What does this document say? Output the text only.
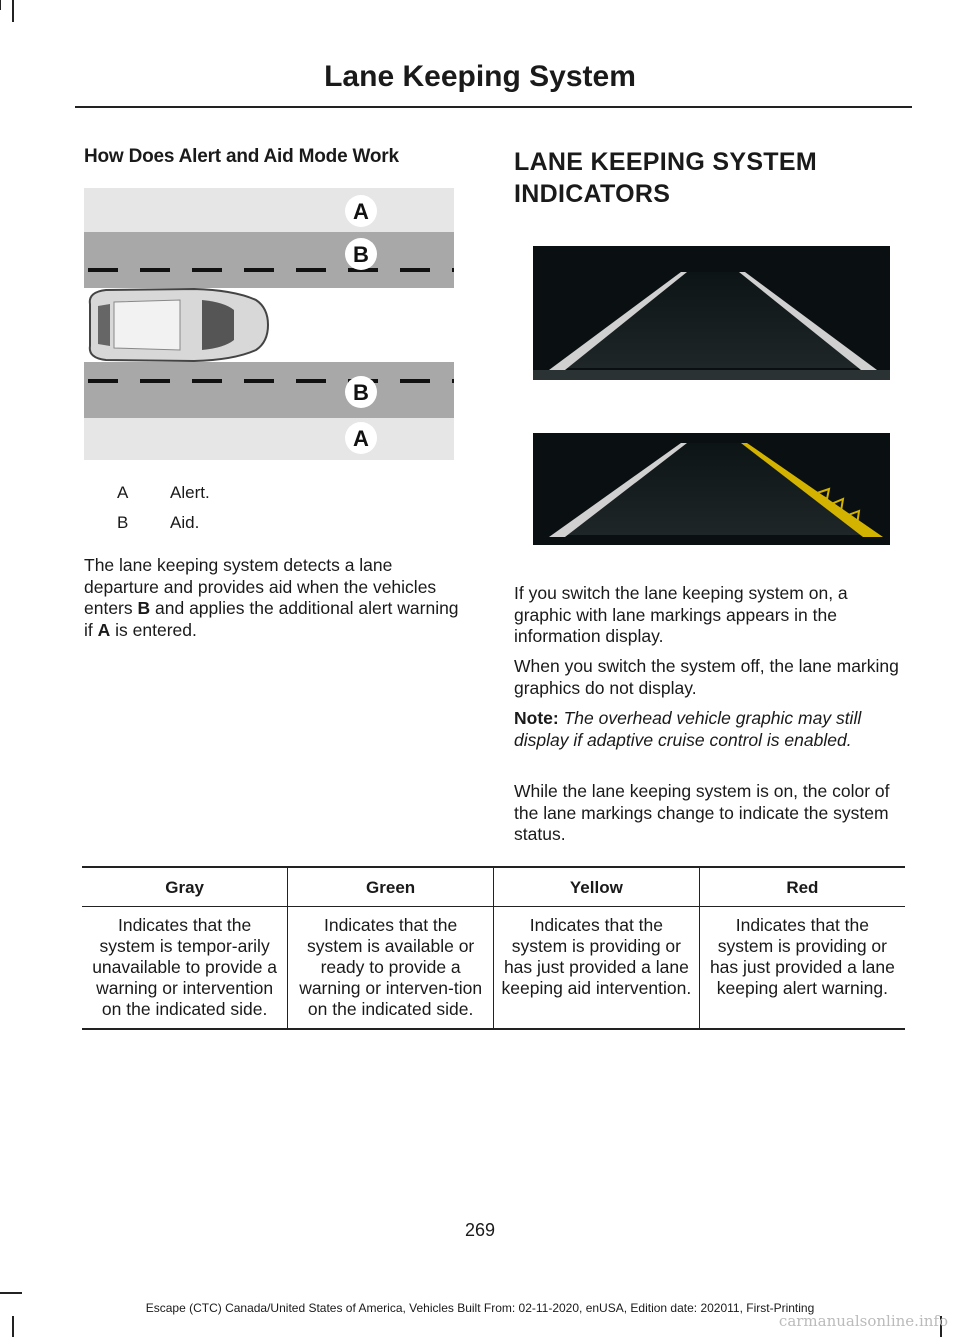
Lane Keeping System
How Does Alert and Aid Mode Work
A
B
B
A
A Alert.
B Aid.
The lane keeping system detects a lane departure and provides aid when the vehicles enters B and applies the additional alert warning if A is entered.
LANE KEEPING SYSTEM
INDICATORS
If you switch the lane keeping system on, a graphic with lane markings appears in the information display.
When you switch the system off, the lane marking graphics do not display.
Note: The overhead vehicle graphic may still display if adaptive cruise control is enabled.
While the lane keeping system is on, the color of the lane markings change to indicate the system status.
Gray	Green	Yellow	Red
Indicates that the system is tempor-arily unavailable to provide a warning or intervention on the indicated side.	Indicates that the system is available or ready to provide a warning or interven-tion on the indicated side.	Indicates that the system is providing or has just provided a lane keeping aid intervention.	Indicates that the system is providing or has just provided a lane keeping alert warning.
269
Escape (CTC) Canada/United States of America, Vehicles Built From: 02-11-2020, enUSA, Edition date: 202011, First-Printing
carmanualsonline.info
